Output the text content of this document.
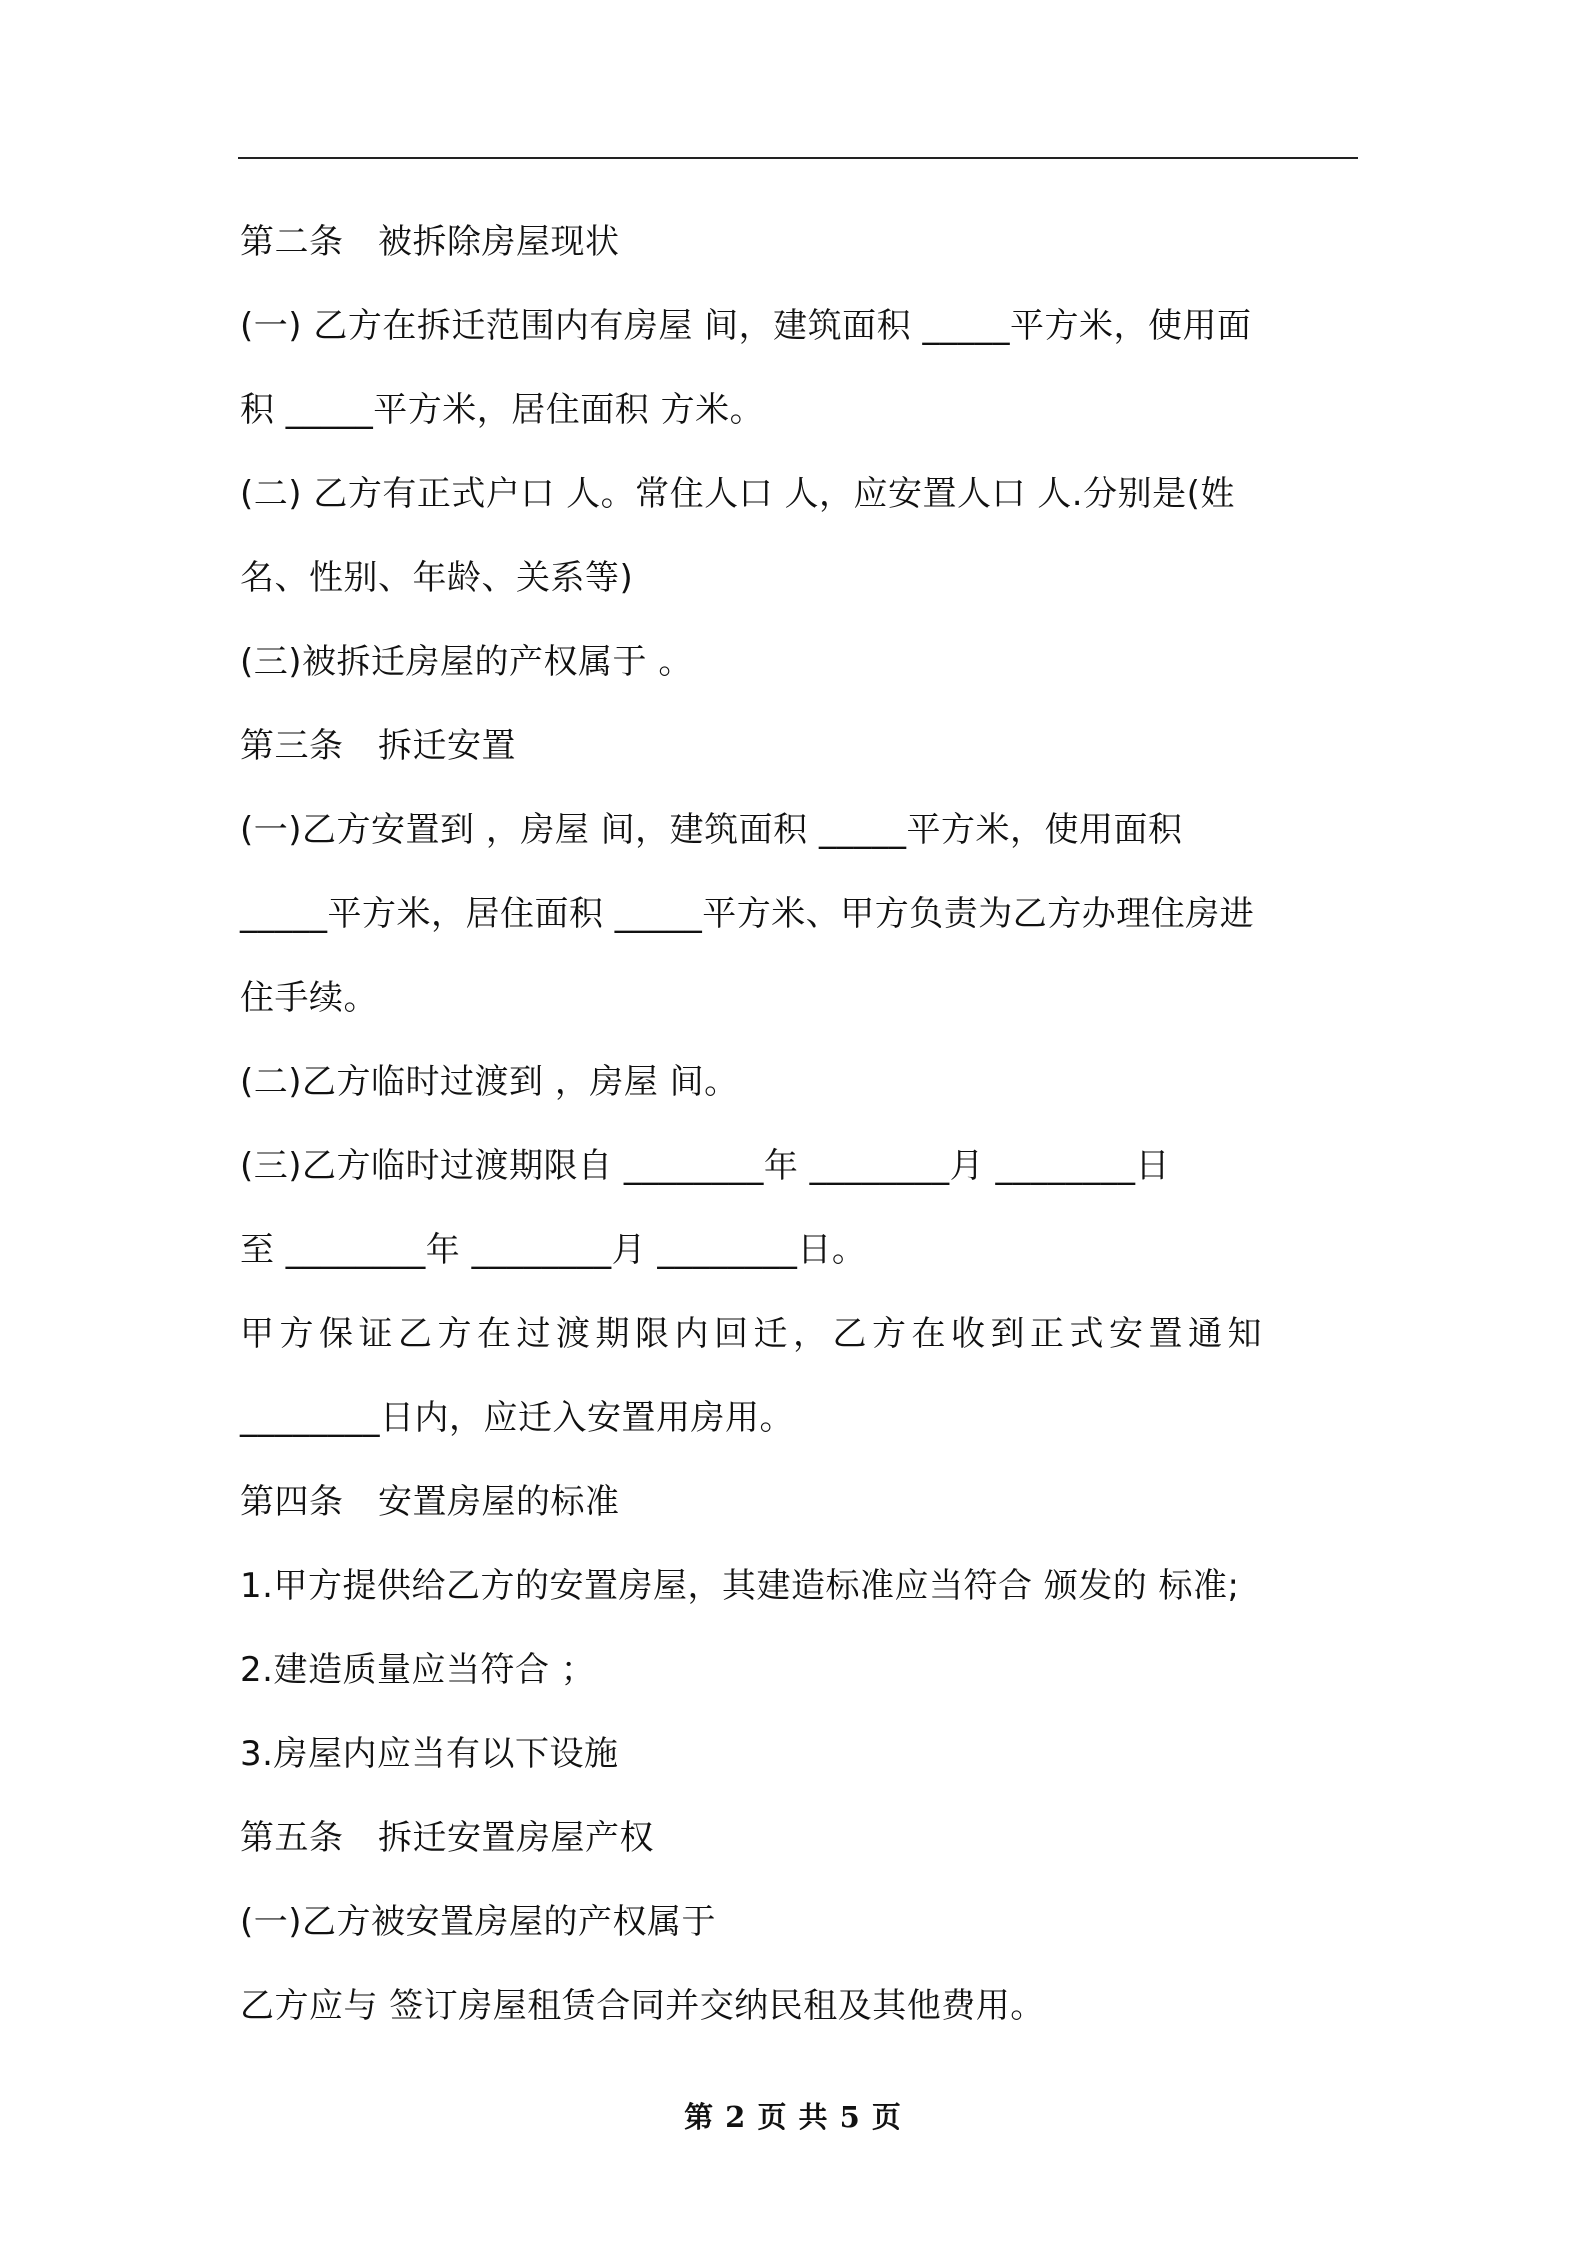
第二条　被拆除房屋现状
(一) 乙方在拆迁范围内有房屋 间，建筑面积 _____平方米，使用面
积 _____平方米，居住面积 方米。
(二) 乙方有正式户口 人。常住人口 人，应安置人口 人.分别是(姓
名、性别、年龄、关系等)
(三)被拆迁房屋的产权属于 。
第三条　拆迁安置
(一)乙方安置到 ，房屋 间，建筑面积 _____平方米，使用面积
_____平方米，居住面积 _____平方米、甲方负责为乙方办理住房进
住手续。
(二)乙方临时过渡到 ，房屋 间。
(三)乙方临时过渡期限自 ________年 ________月 ________日
至 ________年 ________月 ________日。
甲方保证乙方在过渡期限内回迁，乙方在收到正式安置通知
________日内，应迁入安置用房用。
第四条　安置房屋的标准
1.甲方提供给乙方的安置房屋，其建造标准应当符合 颁发的 标准;
2.建造质量应当符合 ；
3.房屋内应当有以下设施
第五条　拆迁安置房屋产权
(一)乙方被安置房屋的产权属于
乙方应与 签订房屋租赁合同并交纳民租及其他费用。
第 2 页 共 5 页
